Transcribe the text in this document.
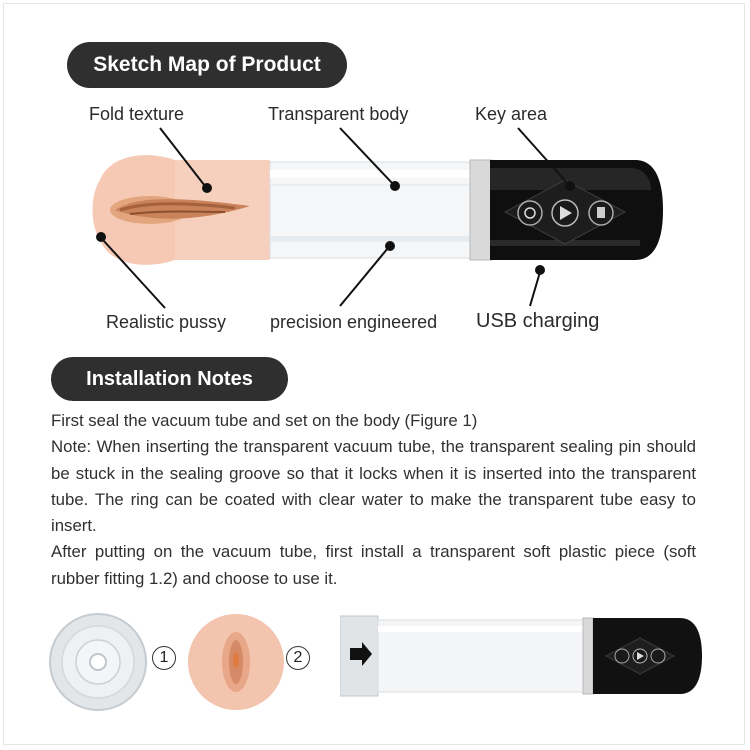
Sketch Map of Product
Fold texture	Transparent body	Key area
Realistic pussy precision engineered USB charging
Installation Notes

First seal the vacuum tube and set on the body (Figure 1)

Note: When inserting the transparent vacuum tube, the transparent sealing pin should be stuck in the sealing groove so that it locks when it is inserted into the transparent tube. The ring can be coated with clear water to make the transparent tube easy to insert.

After putting on the vacuum tube, first install a transparent soft plastic piece (soft rubber fitting 1.2) and choose to use it.

1	2
